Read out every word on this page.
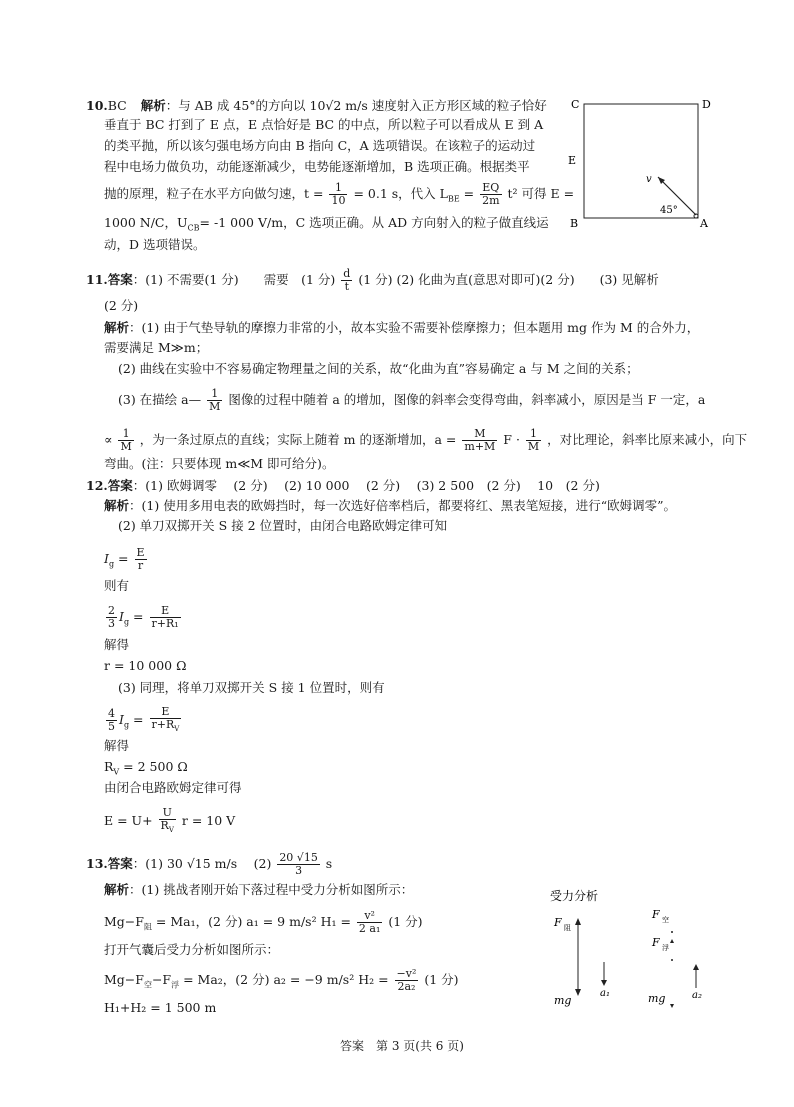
10.BC 解析：与 AB 成 45°的方向以 10√2 m/s 速度射入正方形区域的粒子恰好
垂直于 BC 打到了 E 点，E 点恰好是 BC 的中点，所以粒子可以看成从 E 到 A
的类平抛，所以该匀强电场方向由 B 指向 C，A 选项错误。在该粒子的运动过
程中电场力做负功，动能逐渐减少，电势能逐渐增加，B 选项正确。根据类平
抛的原理，粒子在水平方向做匀速，$t = \frac{1}{10} = 0.1$ s，代入 $L_{BE} = \frac{EQ}{2m} t^2$ 可得 E =
1000 N/C，$U_{CB}= -1$ 000 V/m，C 选项正确。从 AD 方向射入的粒子做直线运
动，D 选项错误。
C	D
E
B	A
v
45°
11.答案：(1) 不需要(1 分)　　需要　(1 分) $\frac{d}{t} (1$ 分) (2) 化曲为直(意思对即可)(2 分)　　(3) 见解析
(2 分)
解析：(1) 由于气垫导轨的摩擦力非常的小，故本实验不需要补偿摩擦力；但本题用 mg 作为 M 的合外力，
需要满足 M≫m；
(2) 曲线在实验中不容易确定物理量之间的关系，故“化曲为直”容易确定 a 与 M 之间的关系；
(3) 在描绘 a— $\frac{1}{M}$ 图像的过程中随着 a 的增加，图像的斜率会变得弯曲，斜率减小，原因是当 F 一定，a
∝ $\frac{1}{M}$ ，为一条过原点的直线；实际上随着 m 的逐渐增加，$a = \frac{M}{m+M}$ $F \cdot \frac{1}{M}$ ，对比理论，斜率比原来减小，向下
弯曲。(注：只要体现 m≪M 即可给分)。
12.答案：(1) 欧姆调零　 (2 分)　 (2) 10 000　 (2 分)　 (3) 2 500　(2 分)　 10　(2 分)
解析：(1) 使用多用电表的欧姆挡时，每一次选好倍率档后，都要将红、黑表笔短接，进行“欧姆调零”。
(2) 单刀双掷开关 S 接 2 位置时，由闭合电路欧姆定律可知
$I_g = \frac{E}{r}$
则有
$\frac{2}{3} I_g = \frac{E}{\text{r+R₁}}$
解得
r = 10 000 Ω
(3) 同理，将单刀双掷开关 S 接 1 位置时，则有
$\frac{4}{5} I_g = \frac{E}{r+R_V}$
解得
$R_V = 2$ 500 Ω
由闭合电路欧姆定律可得
$E = U+ \frac{U}{R_V}$ r = 10 V
13.答案：(1) 30 √15 m/s　 $(2) \frac{20 √15}{3}$ s
解析：(1) 挑战者刚开始下落过程中受力分析如图所示：
$Mg-F_阻 = Ma_1$，(2 分) a₁ = 9 m/s² $H_1 = \frac{\text{v²}}{\text{2 a₁}} (1$ 分)
打开气囊后受力分析如图所示：
$Mg-F_空-F_浮 = Ma_2$，(2 分) a₂ = −9 m/s² $H_2 = \frac{\text{−v²}}{\text{2a₂}} (1$ 分)
H₁+H₂ = 1 500 m
受力分析
F 阻
mg
a₁
F 空
F 浮
mg	a₂
答案　第 3 页(共 6 页)
